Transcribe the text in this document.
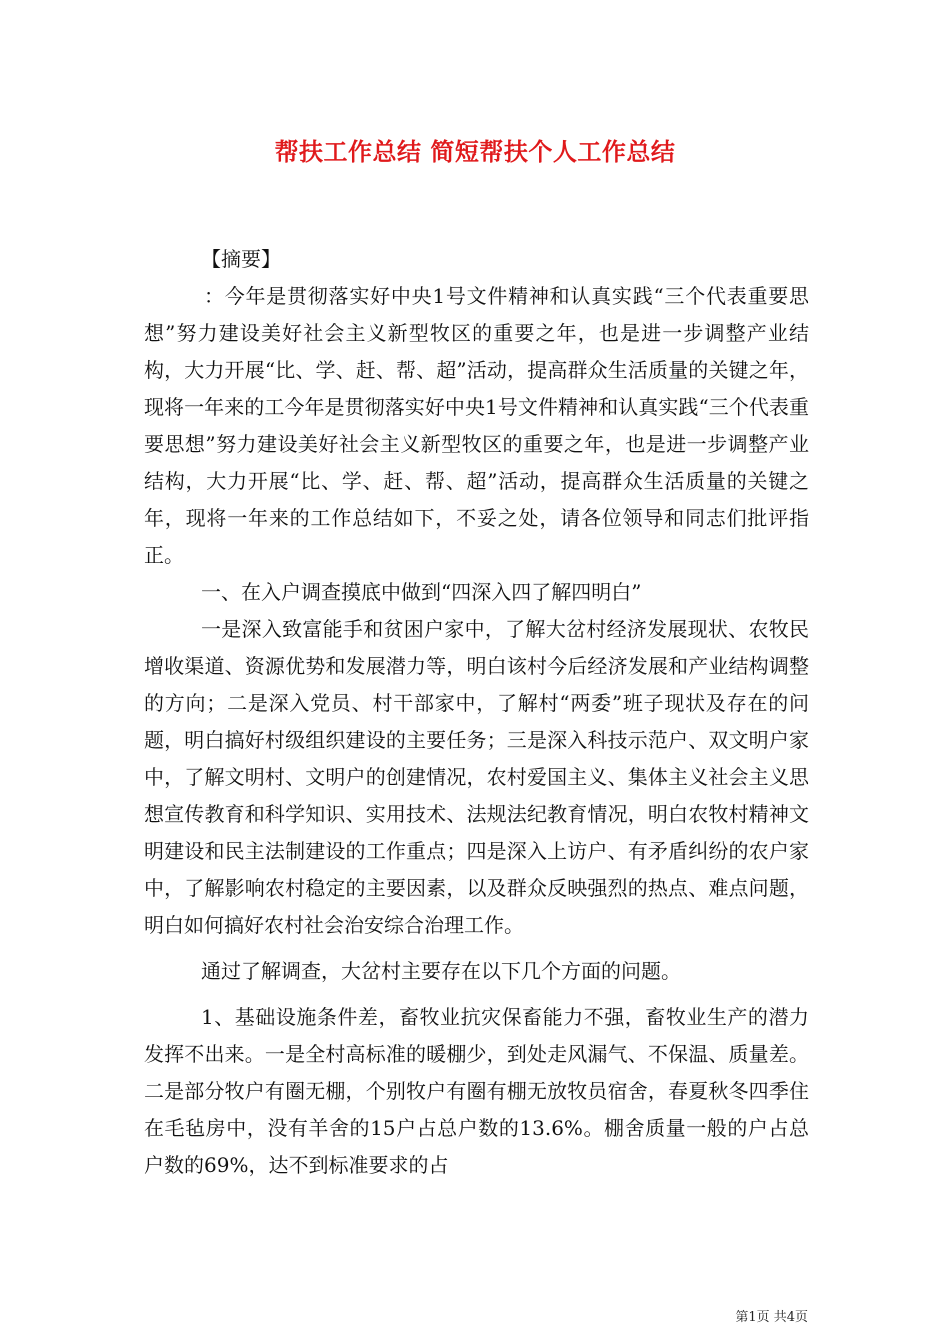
帮扶工作总结 简短帮扶个人工作总结

【摘要】

：今年是贯彻落实好中央1号文件精神和认真实践“三个代表重要思想”努力建设美好社会主义新型牧区的重要之年，也是进一步调整产业结构，大力开展“比、学、赶、帮、超”活动，提高群众生活质量的关键之年，现将一年来的工今年是贯彻落实好中央1号文件精神和认真实践“三个代表重要思想”努力建设美好社会主义新型牧区的重要之年，也是进一步调整产业结构，大力开展“比、学、赶、帮、超”活动，提高群众生活质量的关键之年，现将一年来的工作总结如下，不妥之处，请各位领导和同志们批评指正。

一、在入户调查摸底中做到“四深入四了解四明白”

一是深入致富能手和贫困户家中，了解大岔村经济发展现状、农牧民增收渠道、资源优势和发展潜力等，明白该村今后经济发展和产业结构调整的方向；二是深入党员、村干部家中，了解村“两委”班子现状及存在的问题，明白搞好村级组织建设的主要任务；三是深入科技示范户、双文明户家中，了解文明村、文明户的创建情况，农村爱国主义、集体主义社会主义思想宣传教育和科学知识、实用技术、法规法纪教育情况，明白农牧村精神文明建设和民主法制建设的工作重点；四是深入上访户、有矛盾纠纷的农户家中，了解影响农村稳定的主要因素，以及群众反映强烈的热点、难点问题，明白如何搞好农村社会治安综合治理工作。

通过了解调查，大岔村主要存在以下几个方面的问题。

1、基础设施条件差，畜牧业抗灾保畜能力不强，畜牧业生产的潜力发挥不出来。一是全村高标准的暖棚少，到处走风漏气、不保温、质量差。二是部分牧户有圈无棚，个别牧户有圈有棚无放牧员宿舍，春夏秋冬四季住在毛毡房中，没有羊舍的15户占总户数的13.6%。棚舍质量一般的户占总户数的69%，达不到标准要求的占

第1页 共4页
